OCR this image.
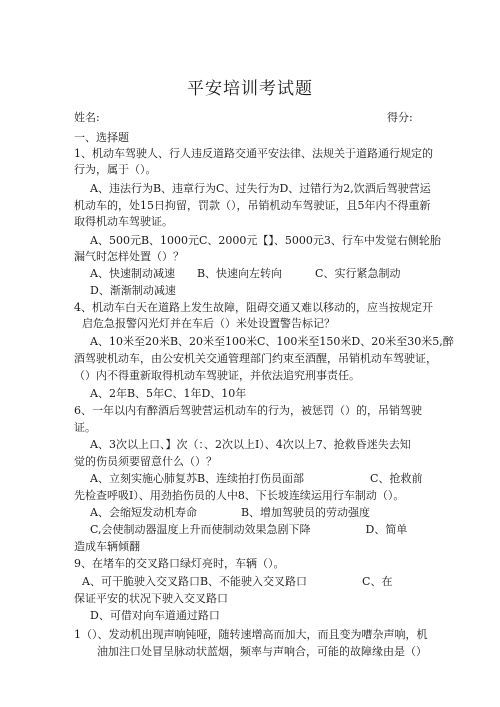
平安培训考试题
姓名:	得分:
一、选择题
1、机动车驾驶人、行人违反道路交通平安法律、法规关于道路通行规定的
行为，属于（）。
A、违法行为B、违章行为C、过失行为D、过错行为2,饮酒后驾驶营运
机动车的，处15日拘留，罚款（），吊销机动车驾驶证，且5年内不得重新
取得机动车驾驶证。
A、500元B、1000元C、2000元【】、5000元3、行车中发觉右侧轮胎
漏气时怎样处置（）？
A、快速制动减速　　B、快速向左转向　　　C、实行紧急制动
D、渐渐制动减速
4、机动车白天在道路上发生故障，阻碍交通又难以移动的，应当按规定开
启危急报警闪光灯并在车后（）米处设置警告标记？
A、10米至20米B、20米至100米C、100米至150米D、20米至30米5,醉
酒驾驶机动车，由公安机关交通管理部门约束至酒醒，吊销机动车驾驶证，
（）内不得重新取得机动车驾驶证，并依法追究刑事责任。
A、2年B、5年C、1年D、10年
6、一年以内有醉酒后驾驶营运机动车的行为，被惩罚（）的，吊销驾驶
证。
A、3次以上口、】次（：、2次以上I）、4次以上7、抢救昏迷失去知
觉的伤员须要留意什么（）？
A、立刻实施心肺复苏B、连续拍打伤员面部　　　　　　C、抢救前
先检查呼吸I）、用劲掐伤员的人中8、下长坡连续运用行车制动（）。
A、会缩短发动机寿命　　　　B、增加驾驶员的劳动强度
C,会使制动器温度上升而使制动效果急剧下降　　　　　D、简单
造成车辆倾翻
9、在堵车的交叉路口绿灯亮时，车辆（）。
A、可干脆驶入交叉路口B、不能驶入交叉路口　　　　　C、在
保证平安的状况下驶入交叉路口
D、可借对向车道通过路口
1（）、发动机出现声响钝哑，随转速增高而加大，而且变为嘈杂声响，机
油加注口处冒呈脉动状蓝烟，频率与声响合，可能的故障缘由是（）
